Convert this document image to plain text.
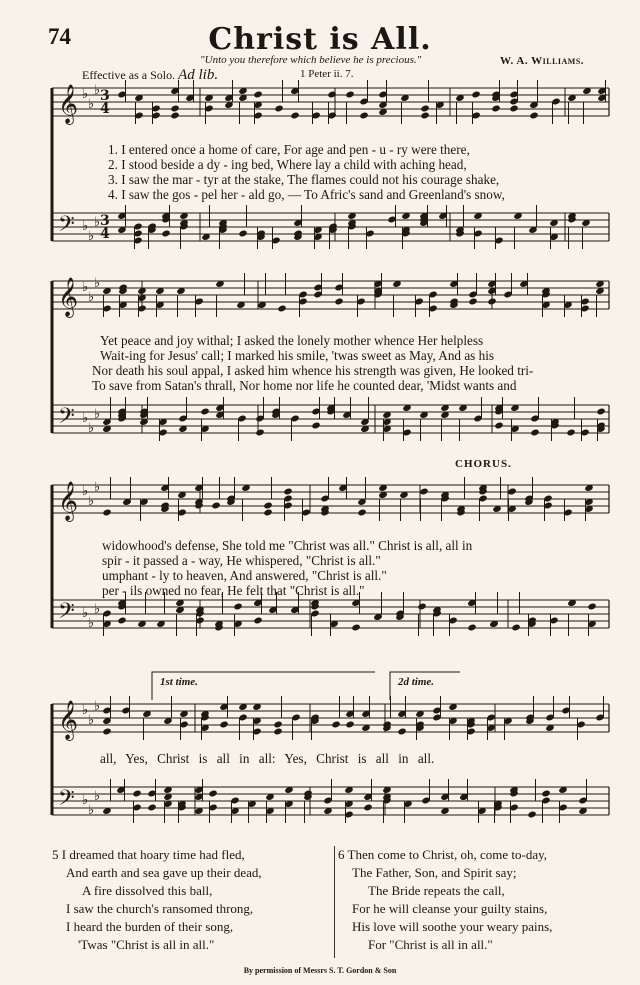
74	Christ is All.
"Unto you therefore which believe he is precious."	W. A. Williams.
Effective as a Solo. Ad lib.	1 Peter ii. 7.
𝄞
𝄢
♭
♭
♭
♭
♭
♭
𝄞
𝄢
♭
♭
♭
♭
♭
♭
𝄞
𝄢
♭
♭
♭
♭
♭
♭
𝄞
𝄢
♭
♭
♭
♭
♭
♭
3
3
4
4
1. I entered once a home of care, For age and pen - u - ry were there,
2. I stood beside a dy - ing bed, Where lay a child with aching head,
3. I saw the mar - tyr at the stake, The flames could not his courage shake,
4. I saw the gos - pel her - ald go, — To Afric's sand and Greenland's snow,
Yet peace and joy withal; I asked the lonely mother whence Her helpless
Wait-ing for Jesus' call; I marked his smile, 'twas sweet as May, And as his
Nor death his soul appal, I asked him whence his strength was given, He looked tri-
To save from Satan's thrall, Nor home nor life he counted dear, 'Midst wants and
CHORUS.
widowhood's defense, She told me "Christ was all." Christ is all, all in
spir - it passed a - way, He whispered, "Christ is all."
umphant - ly to heaven, And answered, "Christ is all."
per - ils owned no fear, He felt that "Christ is all."
1st time.	2d time.
all, Yes, Christ is all in all: Yes, Christ is all in all.
5 I dreamed that hoary time had fled,
And earth and sea gave up their dead,
A fire dissolved this ball,
I saw the church's ransomed throng,
I heard the burden of their song,
'Twas "Christ is all in all."
6 Then come to Christ, oh, come to-day,
The Father, Son, and Spirit say;
The Bride repeats the call,
For he will cleanse your guilty stains,
His love will soothe your weary pains,
For "Christ is all in all."
By permission of Messrs S. T. Gordon & Son
